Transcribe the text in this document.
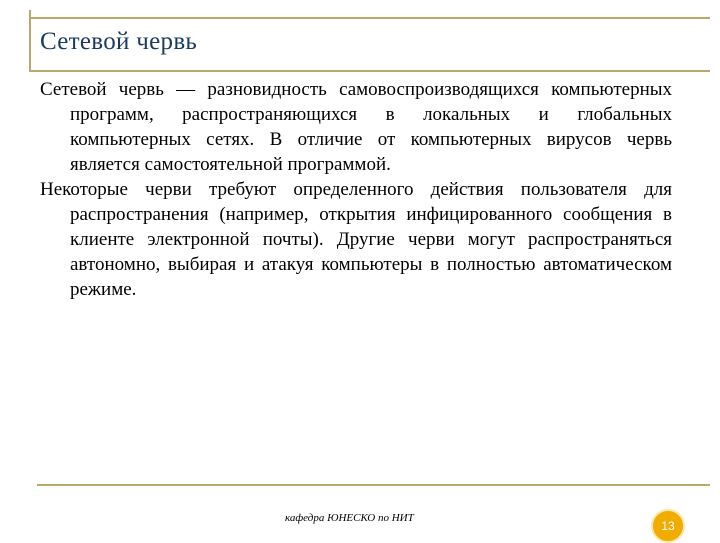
Сетевой червь

Сетевой червь — разновидность самовоспроизводящихся компьютерных программ, распространяющихся в локальных и глобальных компьютерных сетях. В отличие от компьютерных вирусов червь является самостоятельной программой.

Некоторые черви требуют определенного действия пользователя для распространения (например, открытия инфицированного сообщения в клиенте электронной почты). Другие черви могут распространяться автономно, выбирая и атакуя компьютеры в полностью автоматическом режиме.

кафедра ЮНЕСКО по НИТ
13
